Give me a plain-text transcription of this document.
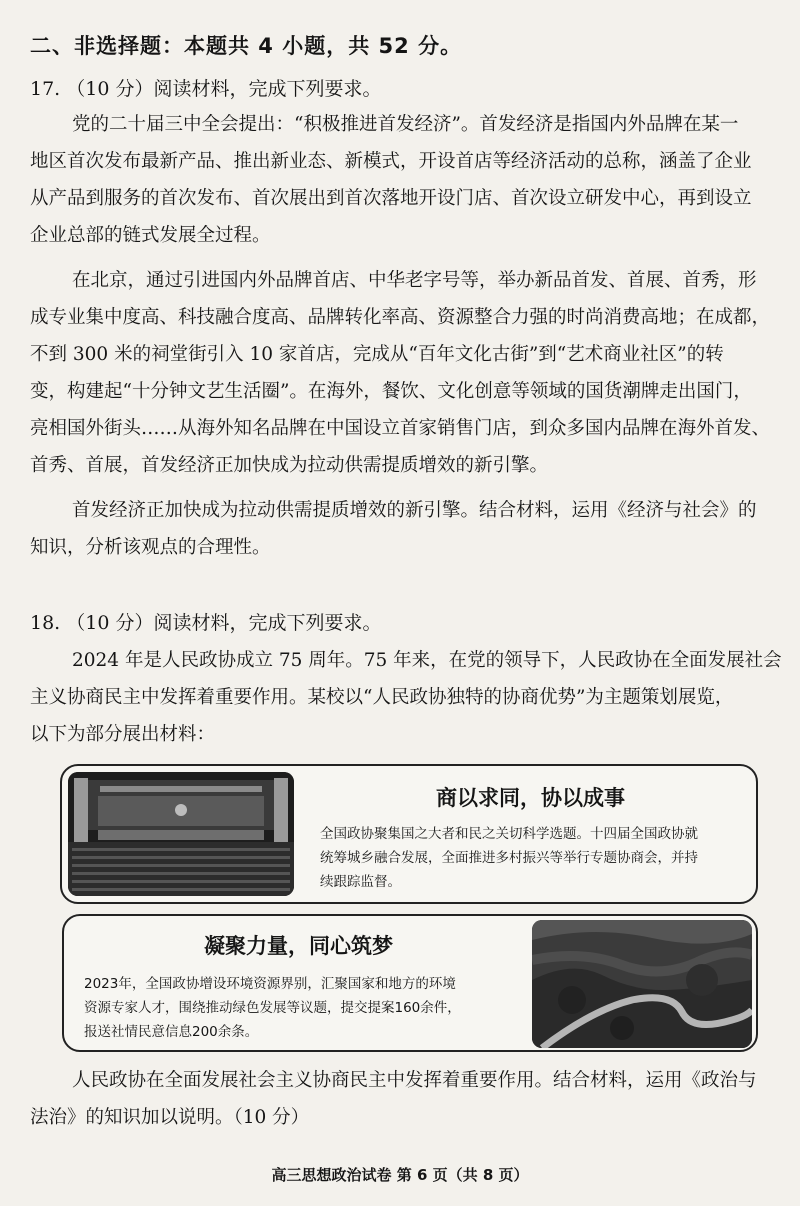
二、非选择题：本题共 4 小题，共 52 分。
17. （10 分）阅读材料，完成下列要求。

党的二十届三中全会提出：“积极推进首发经济”。首发经济是指国内外品牌在某一
地区首次发布最新产品、推出新业态、新模式，开设首店等经济活动的总称，涵盖了企业
从产品到服务的首次发布、首次展出到首次落地开设门店、首次设立研发中心，再到设立
企业总部的链式发展全过程。

在北京，通过引进国内外品牌首店、中华老字号等，举办新品首发、首展、首秀，形
成专业集中度高、科技融合度高、品牌转化率高、资源整合力强的时尚消费高地；在成都，
不到 300 米的祠堂街引入 10 家首店，完成从“百年文化古街”到“艺术商业社区”的转
变，构建起“十分钟文艺生活圈”。在海外，餐饮、文化创意等领域的国货潮牌走出国门，
亮相国外街头……从海外知名品牌在中国设立首家销售门店，到众多国内品牌在海外首发、
首秀、首展，首发经济正加快成为拉动供需提质增效的新引擎。

首发经济正加快成为拉动供需提质增效的新引擎。结合材料，运用《经济与社会》的
知识，分析该观点的合理性。

18. （10 分）阅读材料，完成下列要求。

2024 年是人民政协成立 75 周年。75 年来，在党的领导下，人民政协在全面发展社会
主义协商民主中发挥着重要作用。某校以“人民政协独特的协商优势”为主题策划展览，
以下为部分展出材料：

商以求同，协以成事

全国政协聚集国之大者和民之关切科学选题。十四届全国政协就
统筹城乡融合发展，全面推进多村振兴等举行专题协商会，并持
续跟踪监督。

凝聚力量，同心筑梦

2023年，全国政协增设环境资源界别，汇聚国家和地方的环境
资源专家人才，围绕推动绿色发展等议题，提交提案160余件，
报送社情民意信息200余条。

人民政协在全面发展社会主义协商民主中发挥着重要作用。结合材料，运用《政治与
法治》的知识加以说明。（10 分）

高三思想政治试卷 第 6 页（共 8 页）
